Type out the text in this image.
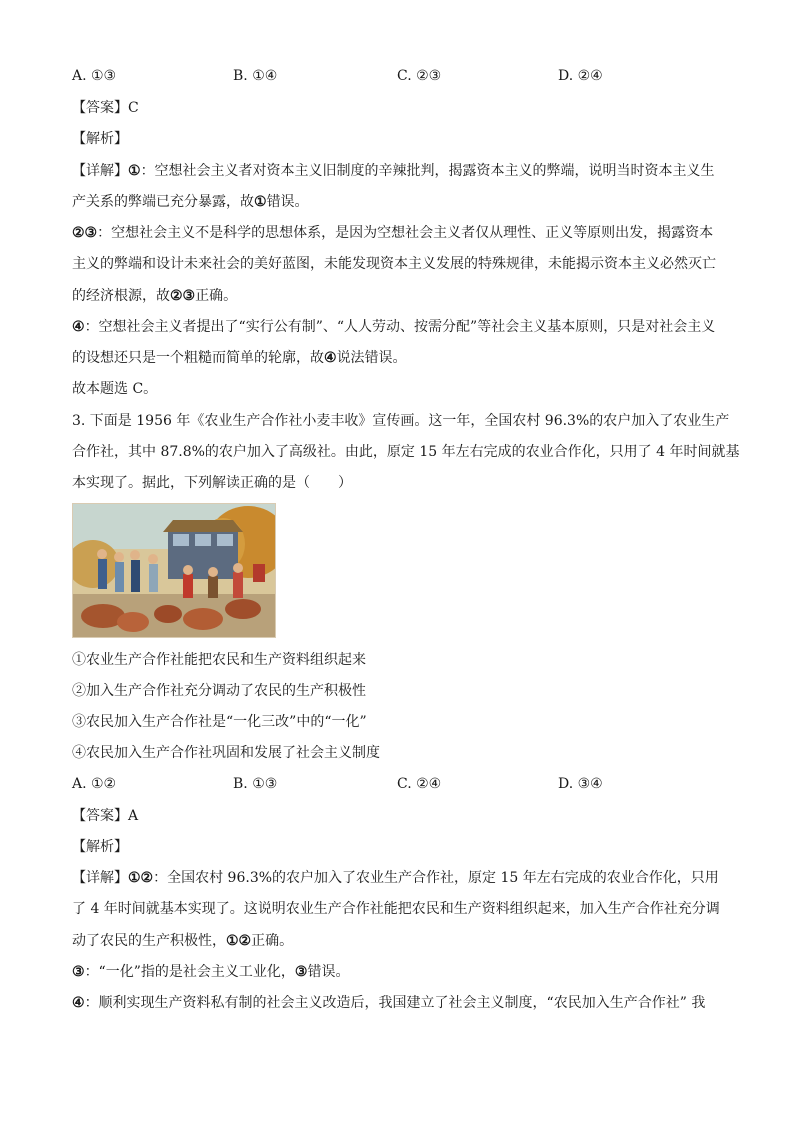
A. ①③	B. ①④	C. ②③	D. ②④
【答案】C
【解析】
【详解】①：空想社会主义者对资本主义旧制度的辛辣批判，揭露资本主义的弊端，说明当时资本主义生
产关系的弊端已充分暴露，故①错误。
②③：空想社会主义不是科学的思想体系，是因为空想社会主义者仅从理性、正义等原则出发，揭露资本
主义的弊端和设计未来社会的美好蓝图，未能发现资本主义发展的特殊规律，未能揭示资本主义必然灭亡
的经济根源，故②③正确。
④：空想社会主义者提出了“实行公有制”、“人人劳动、按需分配”等社会主义基本原则，只是对社会主义
的设想还只是一个粗糙而简单的轮廓，故④说法错误。
故本题选 C。
3. 下面是 1956 年《农业生产合作社小麦丰收》宣传画。这一年，全国农村 96.3%的农户加入了农业生产
合作社，其中 87.8%的农户加入了高级社。由此，原定 15 年左右完成的农业合作化，只用了 4 年时间就基
本实现了。据此，下列解读正确的是（　　）
①农业生产合作社能把农民和生产资料组织起来
②加入生产合作社充分调动了农民的生产积极性
③农民加入生产合作社是“一化三改”中的“一化”
④农民加入生产合作社巩固和发展了社会主义制度
A. ①②	B. ①③	C. ②④	D. ③④
【答案】A
【解析】
【详解】①②：全国农村 96.3%的农户加入了农业生产合作社，原定 15 年左右完成的农业合作化，只用
了 4 年时间就基本实现了。这说明农业生产合作社能把农民和生产资料组织起来，加入生产合作社充分调
动了农民的生产积极性，①②正确。
③：“一化”指的是社会主义工业化，③错误。
④：顺利实现生产资料私有制的社会主义改造后，我国建立了社会主义制度，“农民加入生产合作社” 我
